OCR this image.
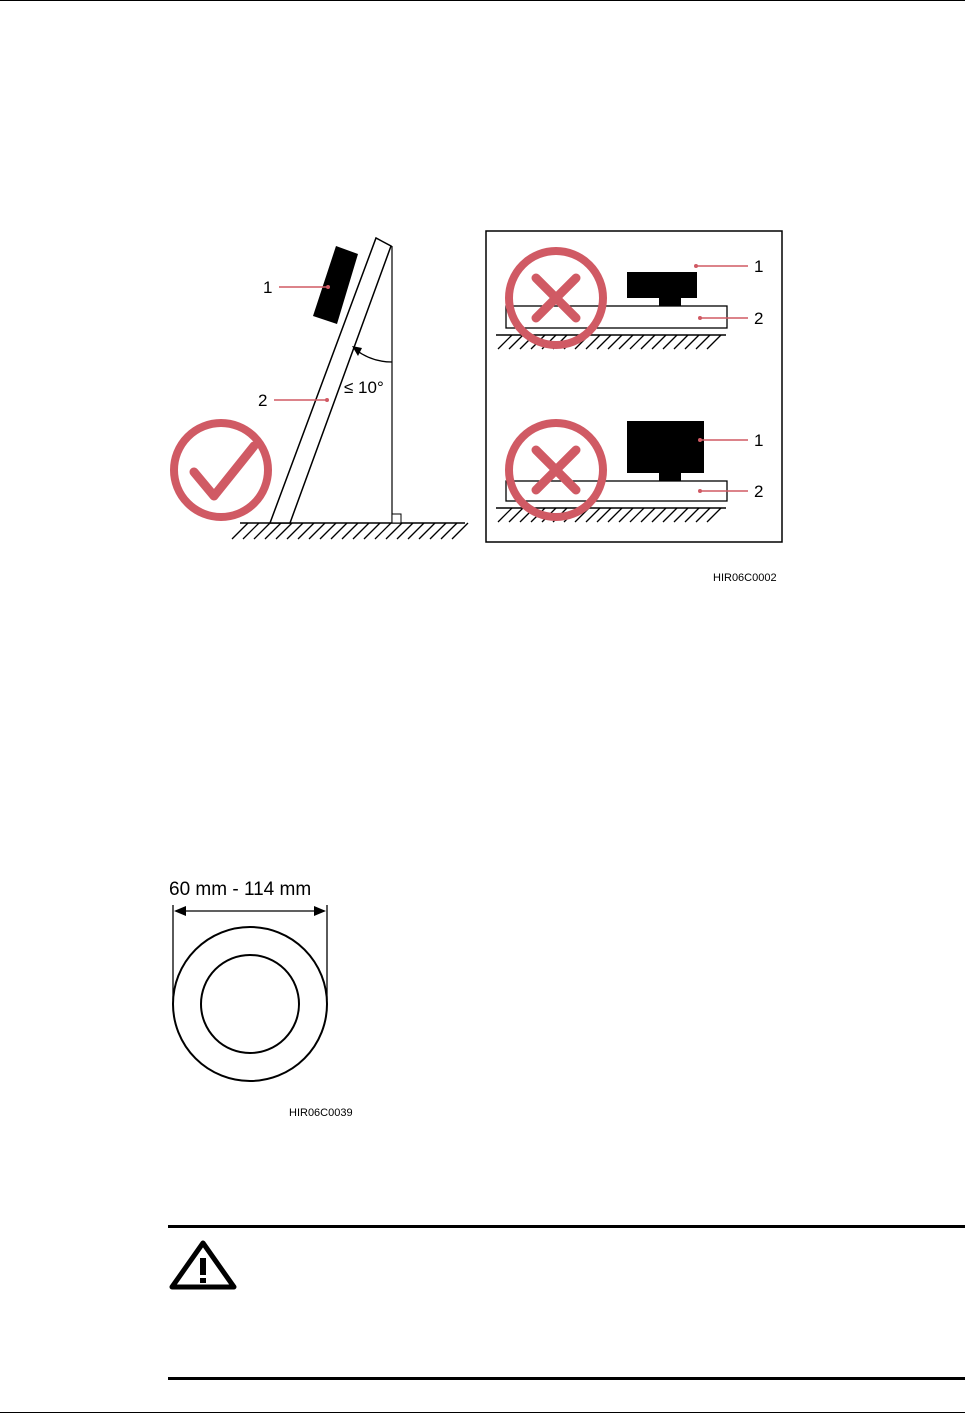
≤ 10°
1
2
1
2
1
2
HIR06C0002
60 mm - 114 mm
HIR06C0039
